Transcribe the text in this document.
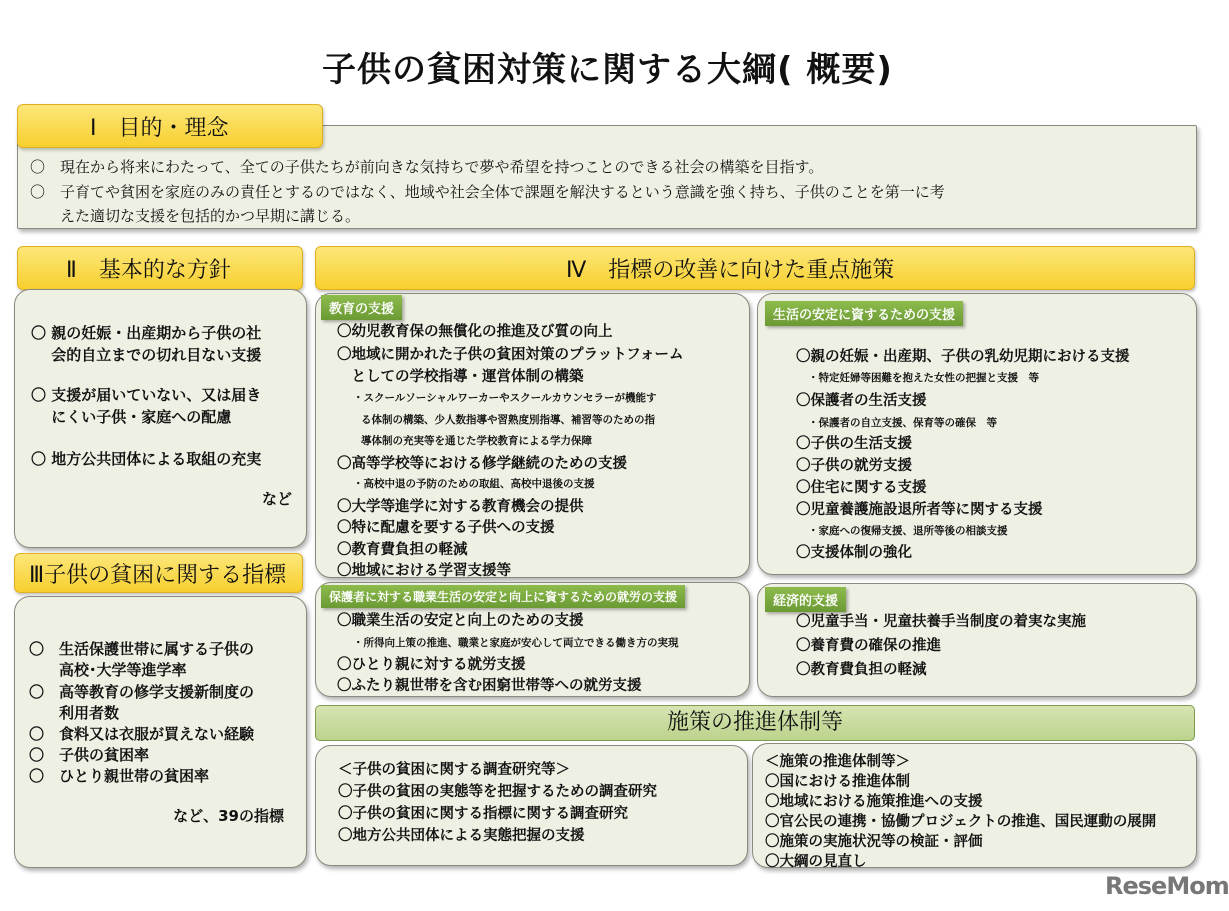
子供の貧困対策に関する大綱( 概要)
Ⅰ　目的・理念
〇　現在から将来にわたって、全ての子供たちが前向きな気持ちで夢や希望を持つことのできる社会の構築を目指す。
〇　子育てや貧困を家庭のみの責任とするのではなく、地域や社会全体で課題を解決するという意識を強く持ち、子供のことを第一に考
　　えた適切な支援を包括的かつ早期に講じる。
Ⅱ　基本的な方針
〇 親の妊娠・出産期から子供の社
　 会的自立までの切れ目ない支援
〇 支援が届いていない、又は届き
　 にくい子供・家庭への配慮
〇 地方公共団体による取組の充実
など
Ⅲ子供の貧困に関する指標
〇　生活保護世帯に属する子供の
　　高校･大学等進学率
〇　高等教育の修学支援新制度の
　　利用者数
〇　食料又は衣服が買えない経験
〇　子供の貧困率
〇　ひとり親世帯の貧困率
など、39の指標
Ⅳ　指標の改善に向けた重点施策
〇幼児教育保の無償化の推進及び質の向上
〇地域に開かれた子供の貧困対策のプラットフォーム
　としての学校指導・運営体制の構築
・スクールソーシャルワーカーやスクールカウンセラーが機能す
る体制の構築、少人数指導や習熟度別指導、補習等のための指
導体制の充実等を通じた学校教育による学力保障
〇高等学校等における修学継続のための支援
・高校中退の予防のための取組、高校中退後の支援
〇大学等進学に対する教育機会の提供
〇特に配慮を要する子供への支援
〇教育費負担の軽減
〇地域における学習支援等
教育の支援
〇親の妊娠・出産期、子供の乳幼児期における支援
・特定妊婦等困難を抱えた女性の把握と支援　等
〇保護者の生活支援
・保護者の自立支援、保育等の確保　等
〇子供の生活支援
〇子供の就労支援
〇住宅に関する支援
〇児童養護施設退所者等に関する支援
・家庭への復帰支援、退所等後の相談支援
〇支援体制の強化
生活の安定に資するための支援
〇職業生活の安定と向上のための支援
・所得向上策の推進、職業と家庭が安心して両立できる働き方の実現
〇ひとり親に対する就労支援
〇ふたり親世帯を含む困窮世帯等への就労支援
保護者に対する職業生活の安定と向上に資するための就労の支援
〇児童手当・児童扶養手当制度の着実な実施
〇養育費の確保の推進
〇教育費負担の軽減
経済的支援
施策の推進体制等
＜子供の貧困に関する調査研究等＞
〇子供の貧困の実態等を把握するための調査研究
〇子供の貧困に関する指標に関する調査研究
〇地方公共団体による実態把握の支援
＜施策の推進体制等＞
〇国における推進体制
〇地域における施策推進への支援
〇官公民の連携・協働プロジェクトの推進、国民運動の展開
〇施策の実施状況等の検証・評価
〇大綱の見直し
ReseMom
